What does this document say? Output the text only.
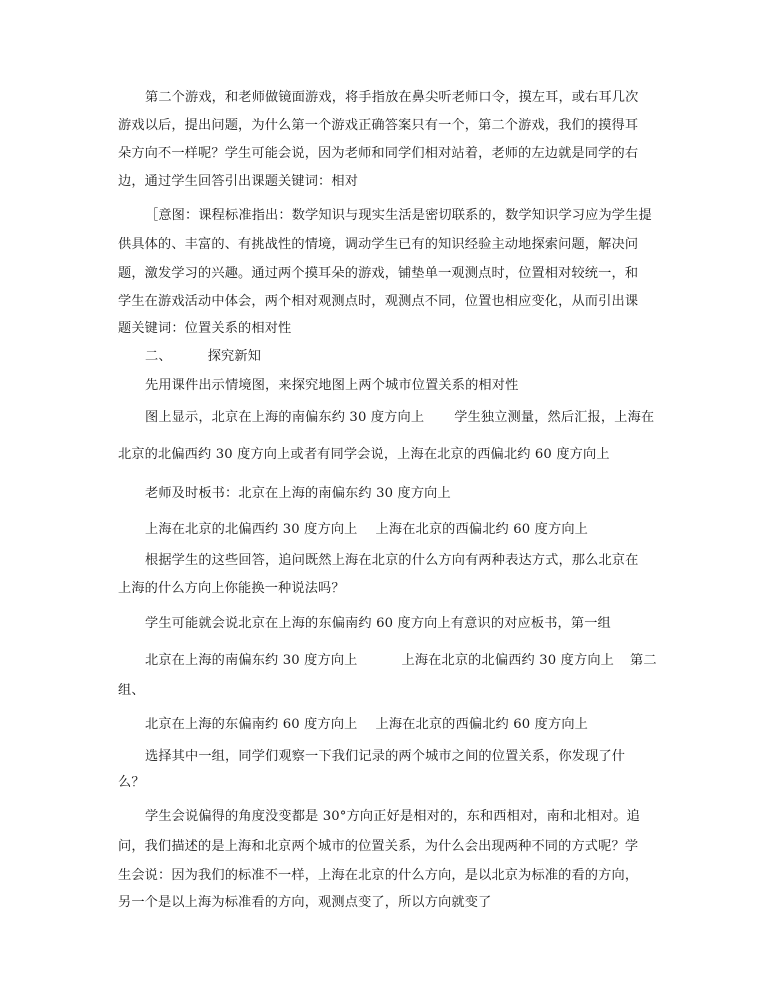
第二个游戏，和老师做镜面游戏，将手指放在鼻尖听老师口令，摸左耳，或右耳几次

游戏以后，提出问题，为什么第一个游戏正确答案只有一个，第二个游戏，我们的摸得耳

朵方向不一样呢？学生可能会说，因为老师和同学们相对站着，老师的左边就是同学的右

边，通过学生回答引出课题关键词：相对

［意图：课程标准指出：数学知识与现实生活是密切联系的，数学知识学习应为学生提

供具体的、丰富的、有挑战性的情境，调动学生已有的知识经验主动地探索问题，解决问

题，激发学习的兴趣。通过两个摸耳朵的游戏，铺垫单一观测点时，位置相对较统一，和

学生在游戏活动中体会，两个相对观测点时，观测点不同，位置也相应变化，从而引出课

题关键词：位置关系的相对性

二、	探究新知

先用课件出示情境图，来探究地图上两个城市位置关系的相对性

图上显示，北京在上海的南偏东约 30 度方向上 学生独立测量，然后汇报，上海在

北京的北偏西约 30 度方向上或者有同学会说，上海在北京的西偏北约 60 度方向上

老师及时板书：北京在上海的南偏东约 30 度方向上

上海在北京的北偏西约 30 度方向上 上海在北京的西偏北约 60 度方向上

根据学生的这些回答，追问既然上海在北京的什么方向有两种表达方式，那么北京在

上海的什么方向上你能换一种说法吗？

学生可能就会说北京在上海的东偏南约 60 度方向上有意识的对应板书，第一组

北京在上海的南偏东约 30 度方向上	上海在北京的北偏西约 30 度方向上 第二

组、

北京在上海的东偏南约 60 度方向上 上海在北京的西偏北约 60 度方向上

选择其中一组，同学们观察一下我们记录的两个城市之间的位置关系，你发现了什

么？

学生会说偏得的角度没变都是 30°方向正好是相对的，东和西相对，南和北相对。追

问，我们描述的是上海和北京两个城市的位置关系，为什么会出现两种不同的方式呢？学

生会说：因为我们的标准不一样，上海在北京的什么方向，是以北京为标准的看的方向，

另一个是以上海为标准看的方向，观测点变了，所以方向就变了
